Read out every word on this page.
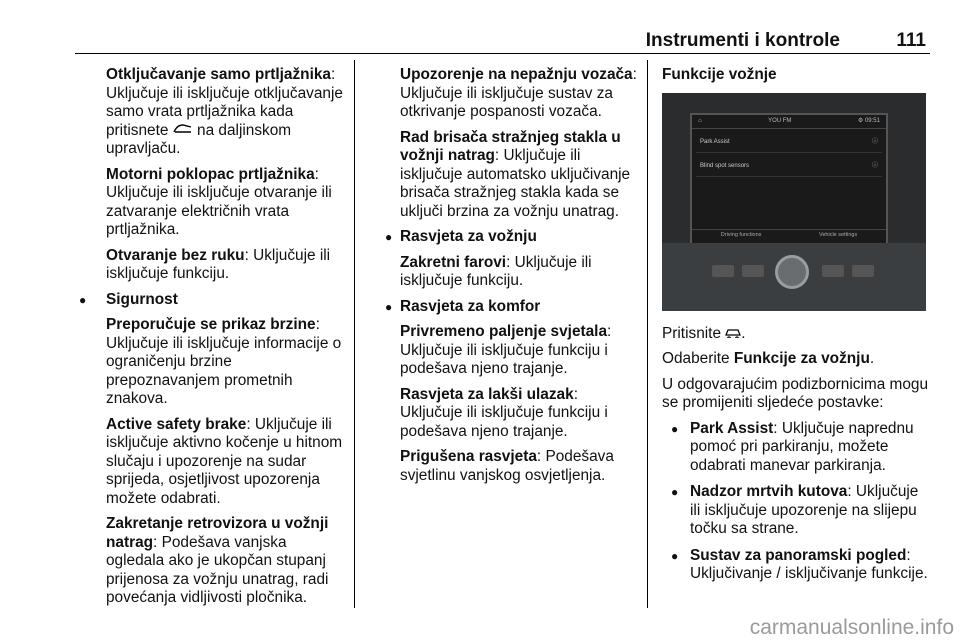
Instrumenti i kontrole	111
Otključavanje samo prtljažnika: Uključuje ili isključuje otključavanje samo vrata prtljažnika kada pritisnete na daljinskom upravljaču.
Motorni poklopac prtljažnika: Uključuje ili isključuje otvaranje ili zatvaranje električnih vrata prtljažnika.
Otvaranje bez ruku: Uključuje ili isključuje funkciju.
● Sigurnost
Preporučuje se prikaz brzine: Uključuje ili isključuje informacije o ograničenju brzine prepoznavanjem prometnih znakova.
Active safety brake: Uključuje ili isključuje aktivno kočenje u hitnom slučaju i upozorenje na sudar sprijeda, osjetljivost upozorenja možete odabrati.
Zakretanje retrovizora u vožnji natrag: Podešava vanjska ogledala ako je ukopčan stupanj prijenosa za vožnju unatrag, radi povećanja vidljivosti pločnika.
Upozorenje na nepažnju vozača: Uključuje ili isključuje sustav za otkrivanje pospanosti vozača.
Rad brisača stražnjeg stakla u vožnji natrag: Uključuje ili isključuje automatsko uključivanje brisača stražnjeg stakla kada se uključi brzina za vožnju unatrag.
● Rasvjeta za vožnju
Zakretni farovi: Uključuje ili isključuje funkciju.
● Rasvjeta za komfor
Privremeno paljenje svjetala: Uključuje ili isključuje funkciju i podešava njeno trajanje.
Rasvjeta za lakši ulazak: Uključuje ili isključuje funkciju i podešava njeno trajanje.
Prigušena rasvjeta: Podešava svjetlinu vanjskog osvjetljenja.
Funkcije vožnje
⌂	YOU FM	⚙ 09:51
Park Assist	ⓘ
Blind spot sensors	ⓘ
Driving functions	Vehicle settings

Pritisnite .

Odaberite Funkcije za vožnju.

U odgovarajućim podizbornicima mogu se promijeniti sljedeće postavke:

● Park Assist: Uključuje naprednu pomoć pri parkiranju, možete odabrati manevar parkiranja.
● Nadzor mrtvih kutova: Uključuje ili isključuje upozorenje na slijepu točku sa strane.
● Sustav za panoramski pogled: Uključivanje / isključivanje funkcije.
carmanualsonline.info
